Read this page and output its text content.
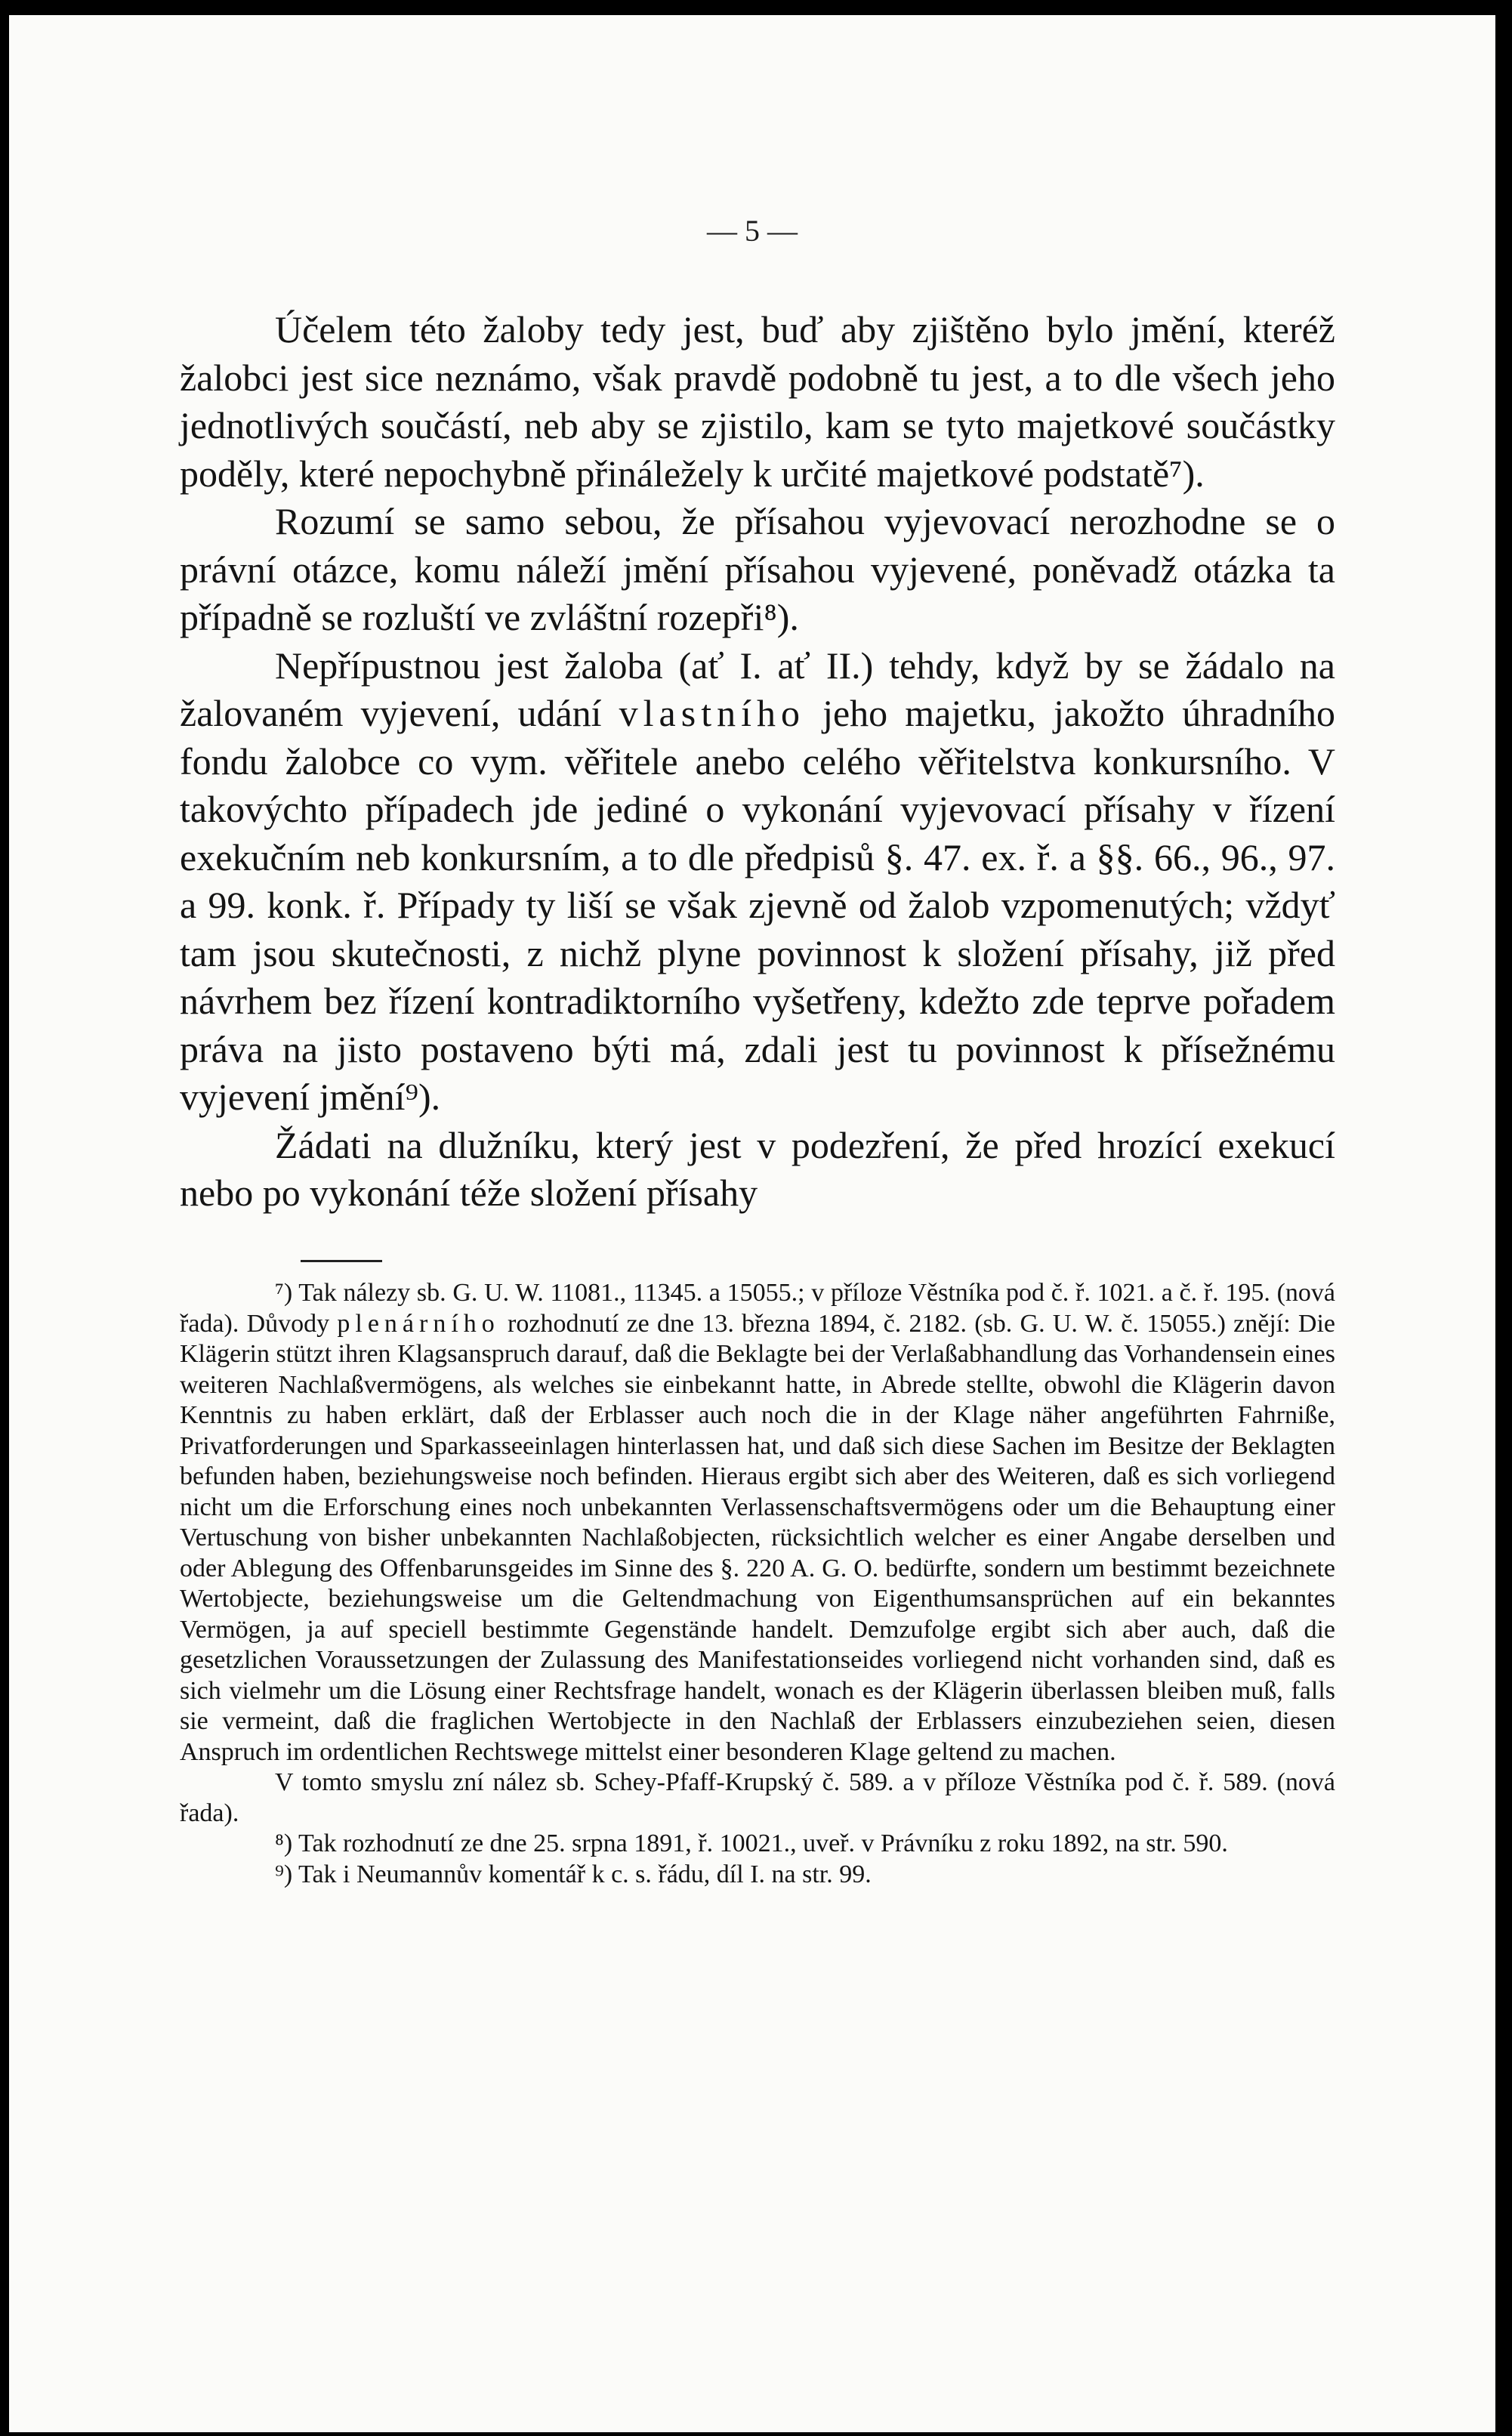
— 5 —

Účelem této žaloby tedy jest, buď aby zjištěno bylo jmění, kteréž žalobci jest sice neznámo, však pravdě podobně tu jest, a to dle všech jeho jednotlivých součástí, neb aby se zjistilo, kam se tyto majetkové součástky poděly, které nepochybně přináležely k určité majetkové podstatě⁷).

Rozumí se samo sebou, že přísahou vyjevovací nerozhodne se o právní otázce, komu náleží jmění přísahou vyjevené, poněvadž otázka ta případně se rozluští ve zvláštní rozepři⁸).

Nepřípustnou jest žaloba (ať I. ať II.) tehdy, když by se žádalo na žalovaném vyjevení, udání vlastního jeho majetku, jakožto úhradního fondu žalobce co vym. věřitele anebo celého věřitelstva konkursního. V takovýchto případech jde jediné o vykonání vyjevovací přísahy v řízení exekučním neb konkursním, a to dle předpisů §. 47. ex. ř. a §§. 66., 96., 97. a 99. konk. ř. Případy ty liší se však zjevně od žalob vzpomenutých; vždyť tam jsou skutečnosti, z nichž plyne povinnost k složení přísahy, již před návrhem bez řízení kontradiktorního vyšetřeny, kdežto zde teprve pořadem práva na jisto postaveno býti má, zdali jest tu povinnost k přísežnému vyjevení jmění⁹).

Žádati na dlužníku, který jest v podezření, že před hrozící exekucí nebo po vykonání téže složení přísahy

⁷) Tak nálezy sb. G. U. W. 11081., 11345. a 15055.; v příloze Věstníka pod č. ř. 1021. a č. ř. 195. (nová řada). Důvody plenárního rozhodnutí ze dne 13. března 1894, č. 2182. (sb. G. U. W. č. 15055.) znějí: Die Klägerin stützt ihren Klagsanspruch darauf, daß die Beklagte bei der Verlaßabhandlung das Vorhandensein eines weiteren Nachlaßvermögens, als welches sie einbekannt hatte, in Abrede stellte, obwohl die Klägerin davon Kenntnis zu haben erklärt, daß der Erblasser auch noch die in der Klage näher angeführten Fahrniße, Privatforderungen und Sparkasseeinlagen hinterlassen hat, und daß sich diese Sachen im Besitze der Beklagten befunden haben, beziehungsweise noch befinden. Hieraus ergibt sich aber des Weiteren, daß es sich vorliegend nicht um die Erforschung eines noch unbekannten Verlassenschaftsvermögens oder um die Behauptung einer Vertuschung von bisher unbekannten Nachlaßobjecten, rücksichtlich welcher es einer Angabe derselben und oder Ablegung des Offenbarunsgeides im Sinne des §. 220 A. G. O. bedürfte, sondern um bestimmt bezeichnete Wertobjecte, beziehungsweise um die Geltendmachung von Eigenthumsansprüchen auf ein bekanntes Vermögen, ja auf speciell bestimmte Gegenstände handelt. Demzufolge ergibt sich aber auch, daß die gesetzlichen Voraussetzungen der Zulassung des Manifestationseides vorliegend nicht vorhanden sind, daß es sich vielmehr um die Lösung einer Rechtsfrage handelt, wonach es der Klägerin überlassen bleiben muß, falls sie vermeint, daß die fraglichen Wertobjecte in den Nachlaß der Erblassers einzubeziehen seien, diesen Anspruch im ordentlichen Rechtswege mittelst einer besonderen Klage geltend zu machen.

V tomto smyslu zní nález sb. Schey-Pfaff-Krupský č. 589. a v příloze Věstníka pod č. ř. 589. (nová řada).

⁸) Tak rozhodnutí ze dne 25. srpna 1891, ř. 10021., uveř. v Právníku z roku 1892, na str. 590.

⁹) Tak i Neumannův komentář k c. s. řádu, díl I. na str. 99.
